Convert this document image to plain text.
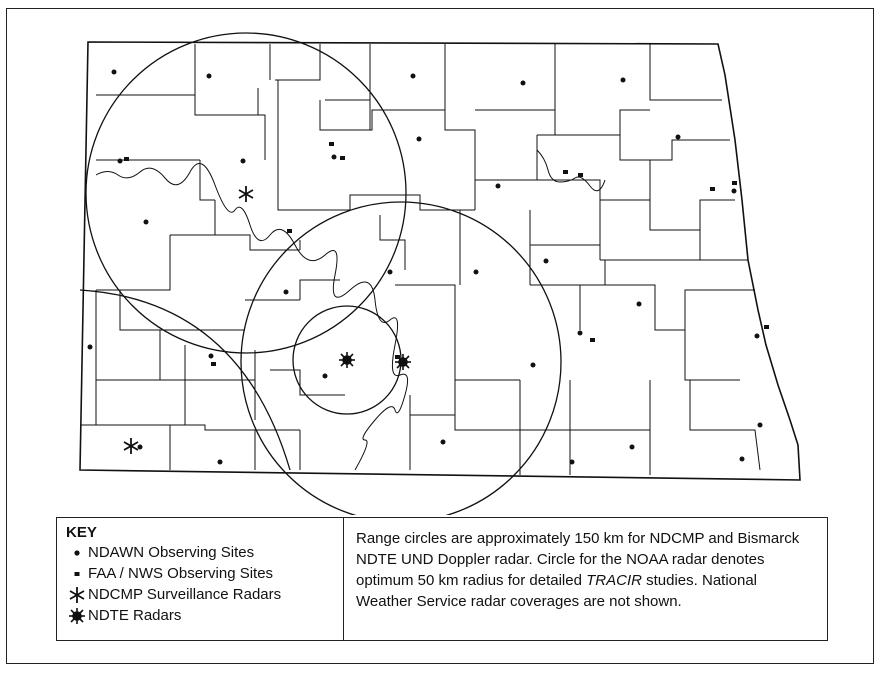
KEY
NDAWN Observing Sites
FAA / NWS Observing Sites
NDCMP Surveillance Radars
NDTE Radars
Range circles are approximately 150 km for NDCMP and Bismarck NDTE UND Doppler radar. Circle for the NOAA radar denotes optimum 50 km radius for detailed TRACIR studies. National Weather Service radar coverages are not shown.
